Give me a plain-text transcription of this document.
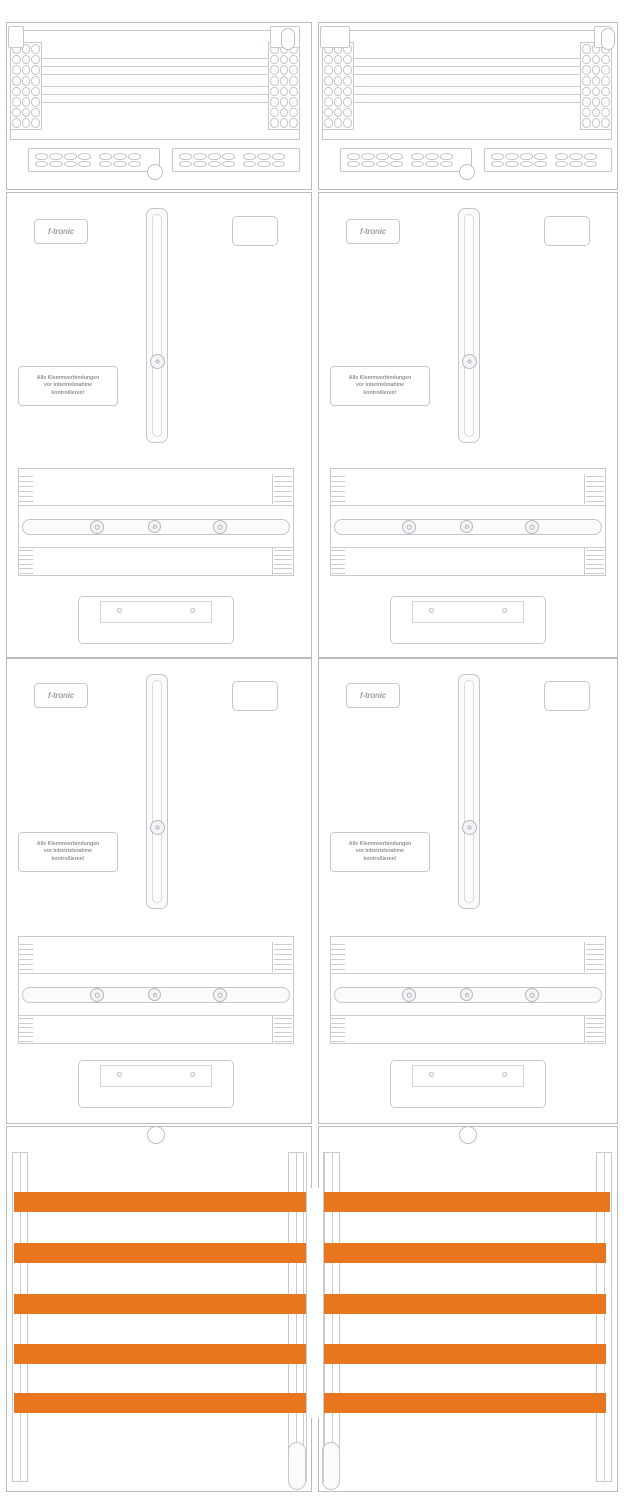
f-tronic
Alle Klemmverbindungen
vor Inbetriebnahme
kontrollieren!
f-tronic
Alle Klemmverbindungen
vor Inbetriebnahme
kontrollieren!
f-tronic
Alle Klemmverbindungen
vor Inbetriebnahme
kontrollieren!
f-tronic
Alle Klemmverbindungen
vor Inbetriebnahme
kontrollieren!
